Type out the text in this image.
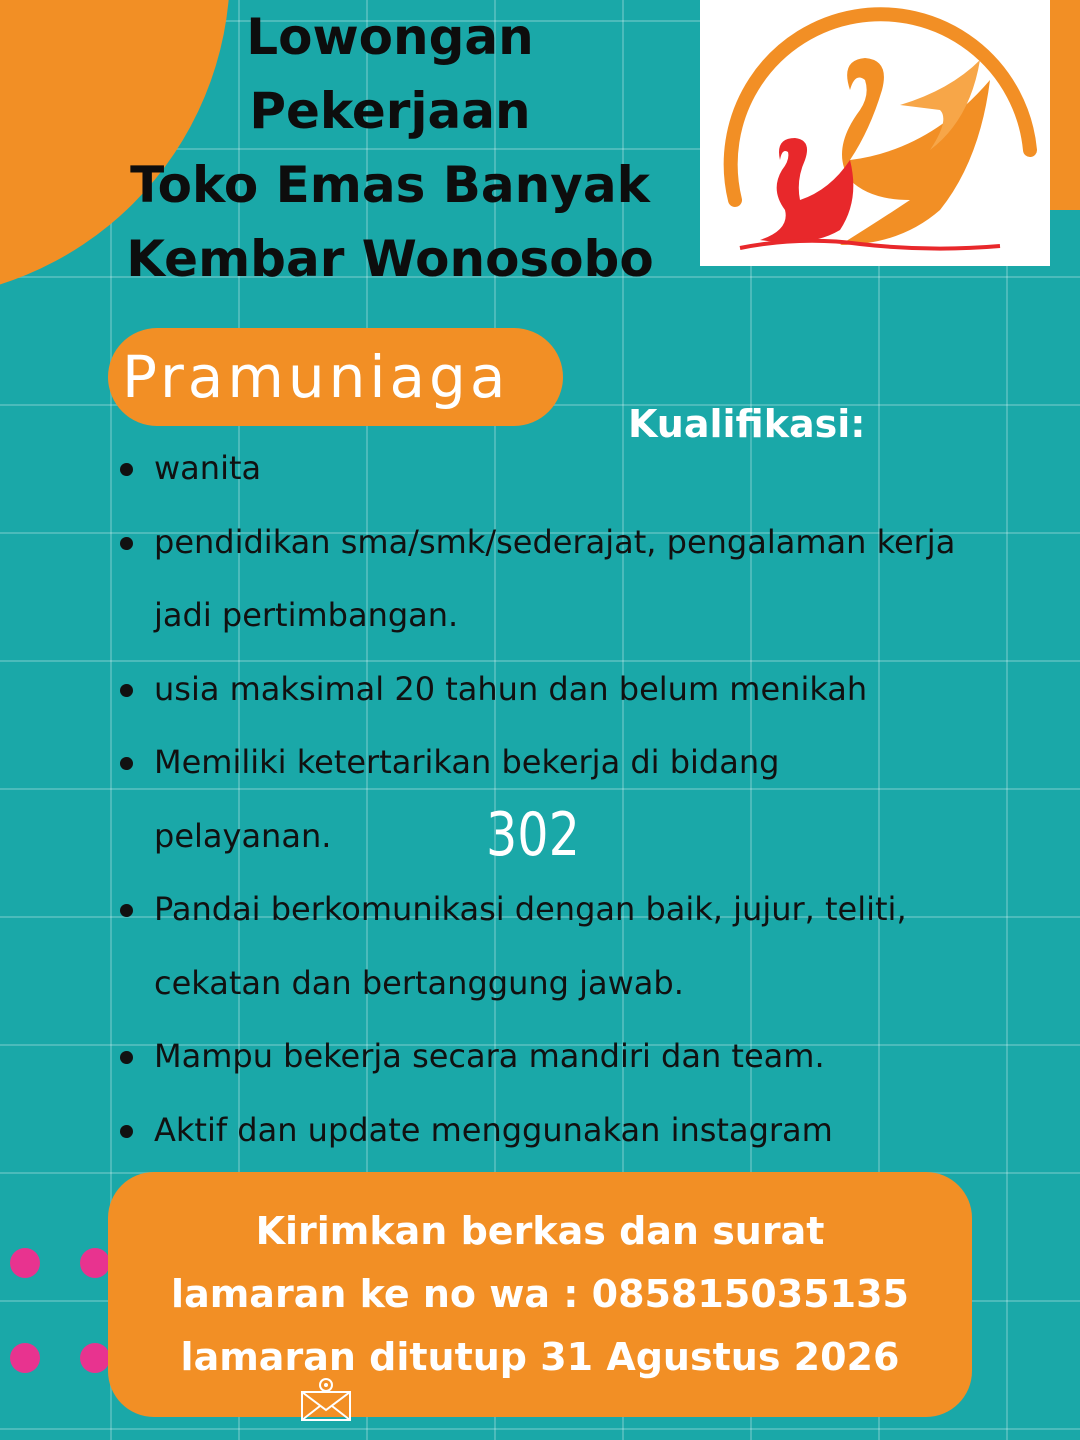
Lowongan
Pekerjaan
Toko Emas Banyak
Kembar Wonosobo
Pramuniaga
Kualifikasi:
wanita
pendidikan sma/smk/sederajat, pengalaman kerja jadi pertimbangan.
usia maksimal 20 tahun dan belum menikah
Memiliki ketertarikan bekerja di bidang pelayanan.
Pandai berkomunikasi dengan baik, jujur, teliti, cekatan dan bertanggung jawab.
Mampu bekerja secara mandiri dan team.
Aktif dan update menggunakan instagram
302
Kirimkan berkas dan surat
lamaran ke no wa : 085815035135
lamaran ditutup 31 Agustus 2026
